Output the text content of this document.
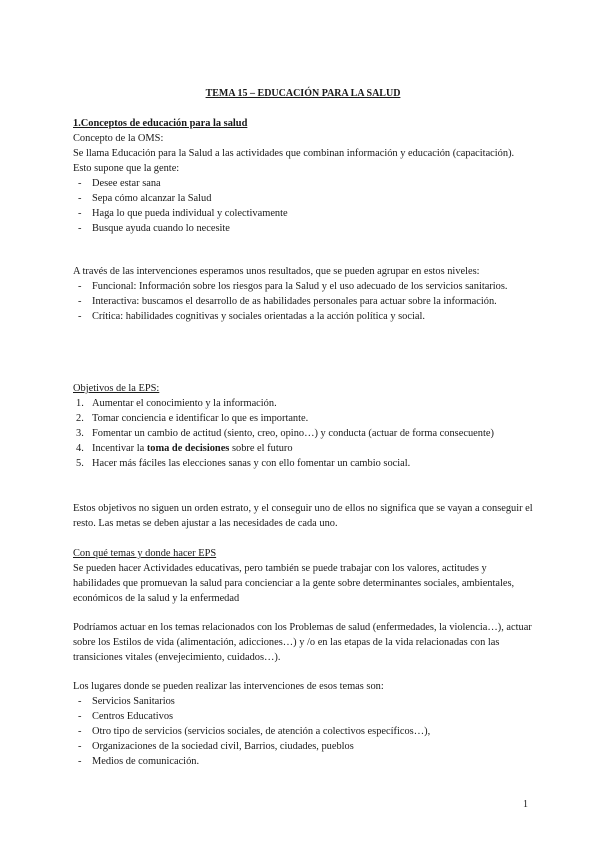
TEMA 15 – EDUCACIÓN PARA LA SALUD

1.Conceptos de educación para la salud

Concepto de la OMS:

Se llama Educación para la Salud a las actividades que combinan información y educación (capacitación).

Esto supone que la gente:

- Desee estar sana
- Sepa cómo alcanzar la Salud
- Haga lo que pueda individual y colectivamente
- Busque ayuda cuando lo necesite

A través de las intervenciones esperamos unos resultados, que se pueden agrupar en estos niveles:

- Funcional: Información sobre los riesgos para la Salud y el uso adecuado de los servicios sanitarios.
- Interactiva: buscamos el desarrollo de as habilidades personales para actuar sobre la información.
- Crítica: habilidades cognitivas y sociales orientadas a la acción política y social.

Objetivos de la EPS:

1. Aumentar el conocimiento y la información.
2. Tomar conciencia e identificar lo que es importante.
3. Fomentar un cambio de actitud (siento, creo, opino…) y conducta (actuar de forma consecuente)
4. Incentivar la toma de decisiones sobre el futuro
5. Hacer más fáciles las elecciones sanas y con ello fomentar un cambio social.

Estos objetivos no siguen un orden estrato, y el conseguir uno de ellos no significa que se vayan a conseguir el resto. Las metas se deben ajustar a las necesidades de cada uno.

Con qué temas y donde hacer EPS

Se pueden hacer Actividades educativas, pero también se puede trabajar con los valores, actitudes y habilidades que promuevan la salud para concienciar a la gente sobre determinantes sociales, ambientales, económicos de la salud y la enfermedad

Podríamos actuar en los temas relacionados con los Problemas de salud (enfermedades, la violencia…), actuar sobre los Estilos de vida (alimentación, adicciones…) y /o en las etapas de la vida relacionadas con las transiciones vitales (envejecimiento, cuidados…).

Los lugares donde se pueden realizar las intervenciones de esos temas son:

- Servicios Sanitarios
- Centros Educativos
- Otro tipo de servicios (servicios sociales, de atención a colectivos específicos…),
- Organizaciones de la sociedad civil, Barrios, ciudades, pueblos
- Medios de comunicación.
1
